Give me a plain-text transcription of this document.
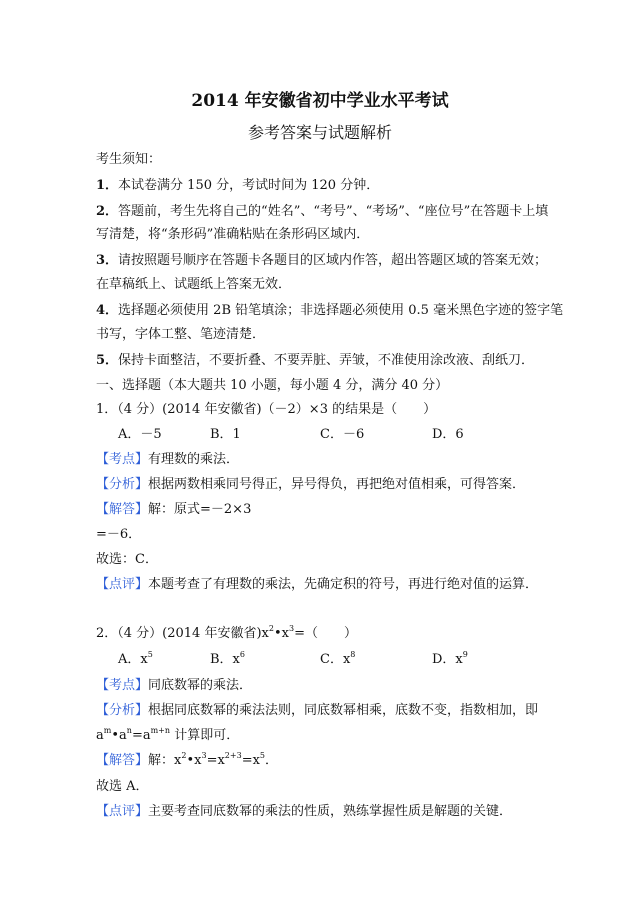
2014 年安徽省初中学业水平考试
参考答案与试题解析
考生须知：
1．本试卷满分 150 分，考试时间为 120 分钟．
2．答题前，考生先将自己的“姓名”、“考号”、“考场”、“座位号”在答题卡上填
写清楚，将“条形码”准确粘贴在条形码区域内．
3．请按照题号顺序在答题卡各题目的区域内作答，超出答题区域的答案无效；
在草稿纸上、试题纸上答案无效．
4．选择题必须使用 2B 铅笔填涂；非选择题必须使用 0.5 毫米黑色字迹的签字笔
书写，字体工整、笔迹清楚．
5．保持卡面整洁，不要折叠、不要弄脏、弄皱，不准使用涂改液、刮纸刀．
一、选择题（本大题共 10 小题，每小题 4 分，满分 40 分）
1．（4 分）(2014 年安徽省)（－2）×3 的结果是（　　）
A．－5	B．1	C．－6	D．6
【考点】有理数的乘法．
【分析】根据两数相乘同号得正，异号得负，再把绝对值相乘，可得答案．
【解答】解：原式=－2×3
=－6．
故选：C．
【点评】本题考查了有理数的乘法，先确定积的符号，再进行绝对值的运算．
2．（4 分）(2014 年安徽省)$x^2•x^3=$（　　）
A．$x^5$	B．$x^6$	C．$x^8$	D．$x^9$
【考点】同底数幂的乘法．
【分析】根据同底数幂的乘法法则，同底数幂相乘，底数不变，指数相加，即
$a^m•a^n=a^{m+n}$ 计算即可．
【解答】解：$x^2•x^3=x^{2+3}=x^5$．
故选 A．
【点评】主要考查同底数幂的乘法的性质，熟练掌握性质是解题的关键．
